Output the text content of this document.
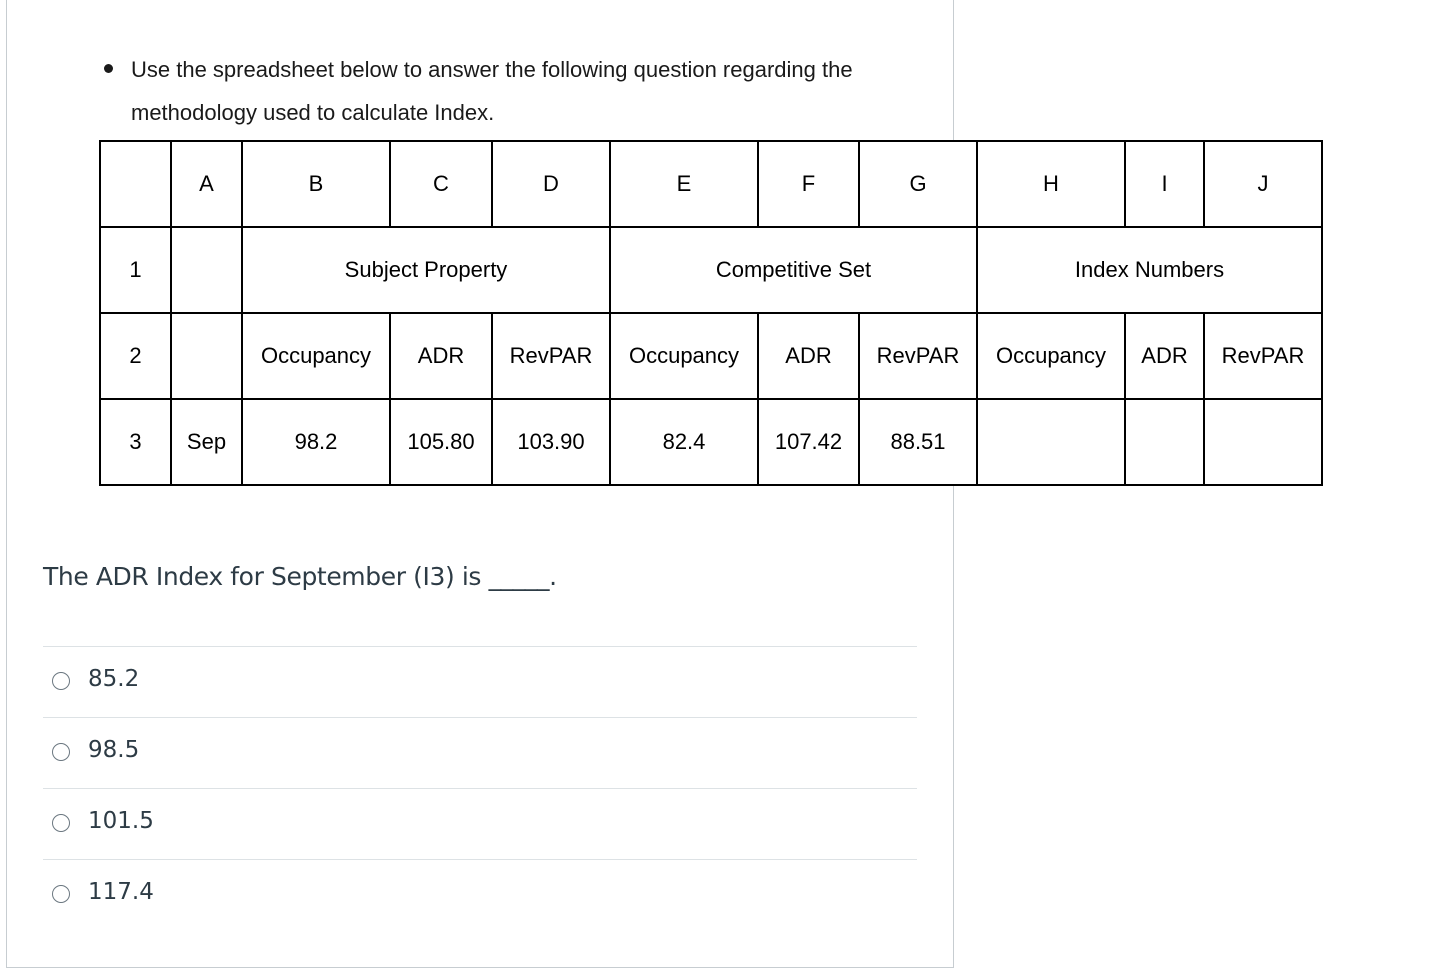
Use the spreadsheet below to answer the following question regarding the methodology used to calculate Index.
	A	B	C	D	E	F	G	H	I	J
1		Subject Property			Competitive Set			Index Numbers		
2		Occupancy	ADR	RevPAR	Occupancy	ADR	RevPAR	Occupancy	ADR	RevPAR
3	Sep	98.2	105.80	103.90	82.4	107.42	88.51			
The ADR Index for September (I3) is _____.
85.2
98.5
101.5
117.4
